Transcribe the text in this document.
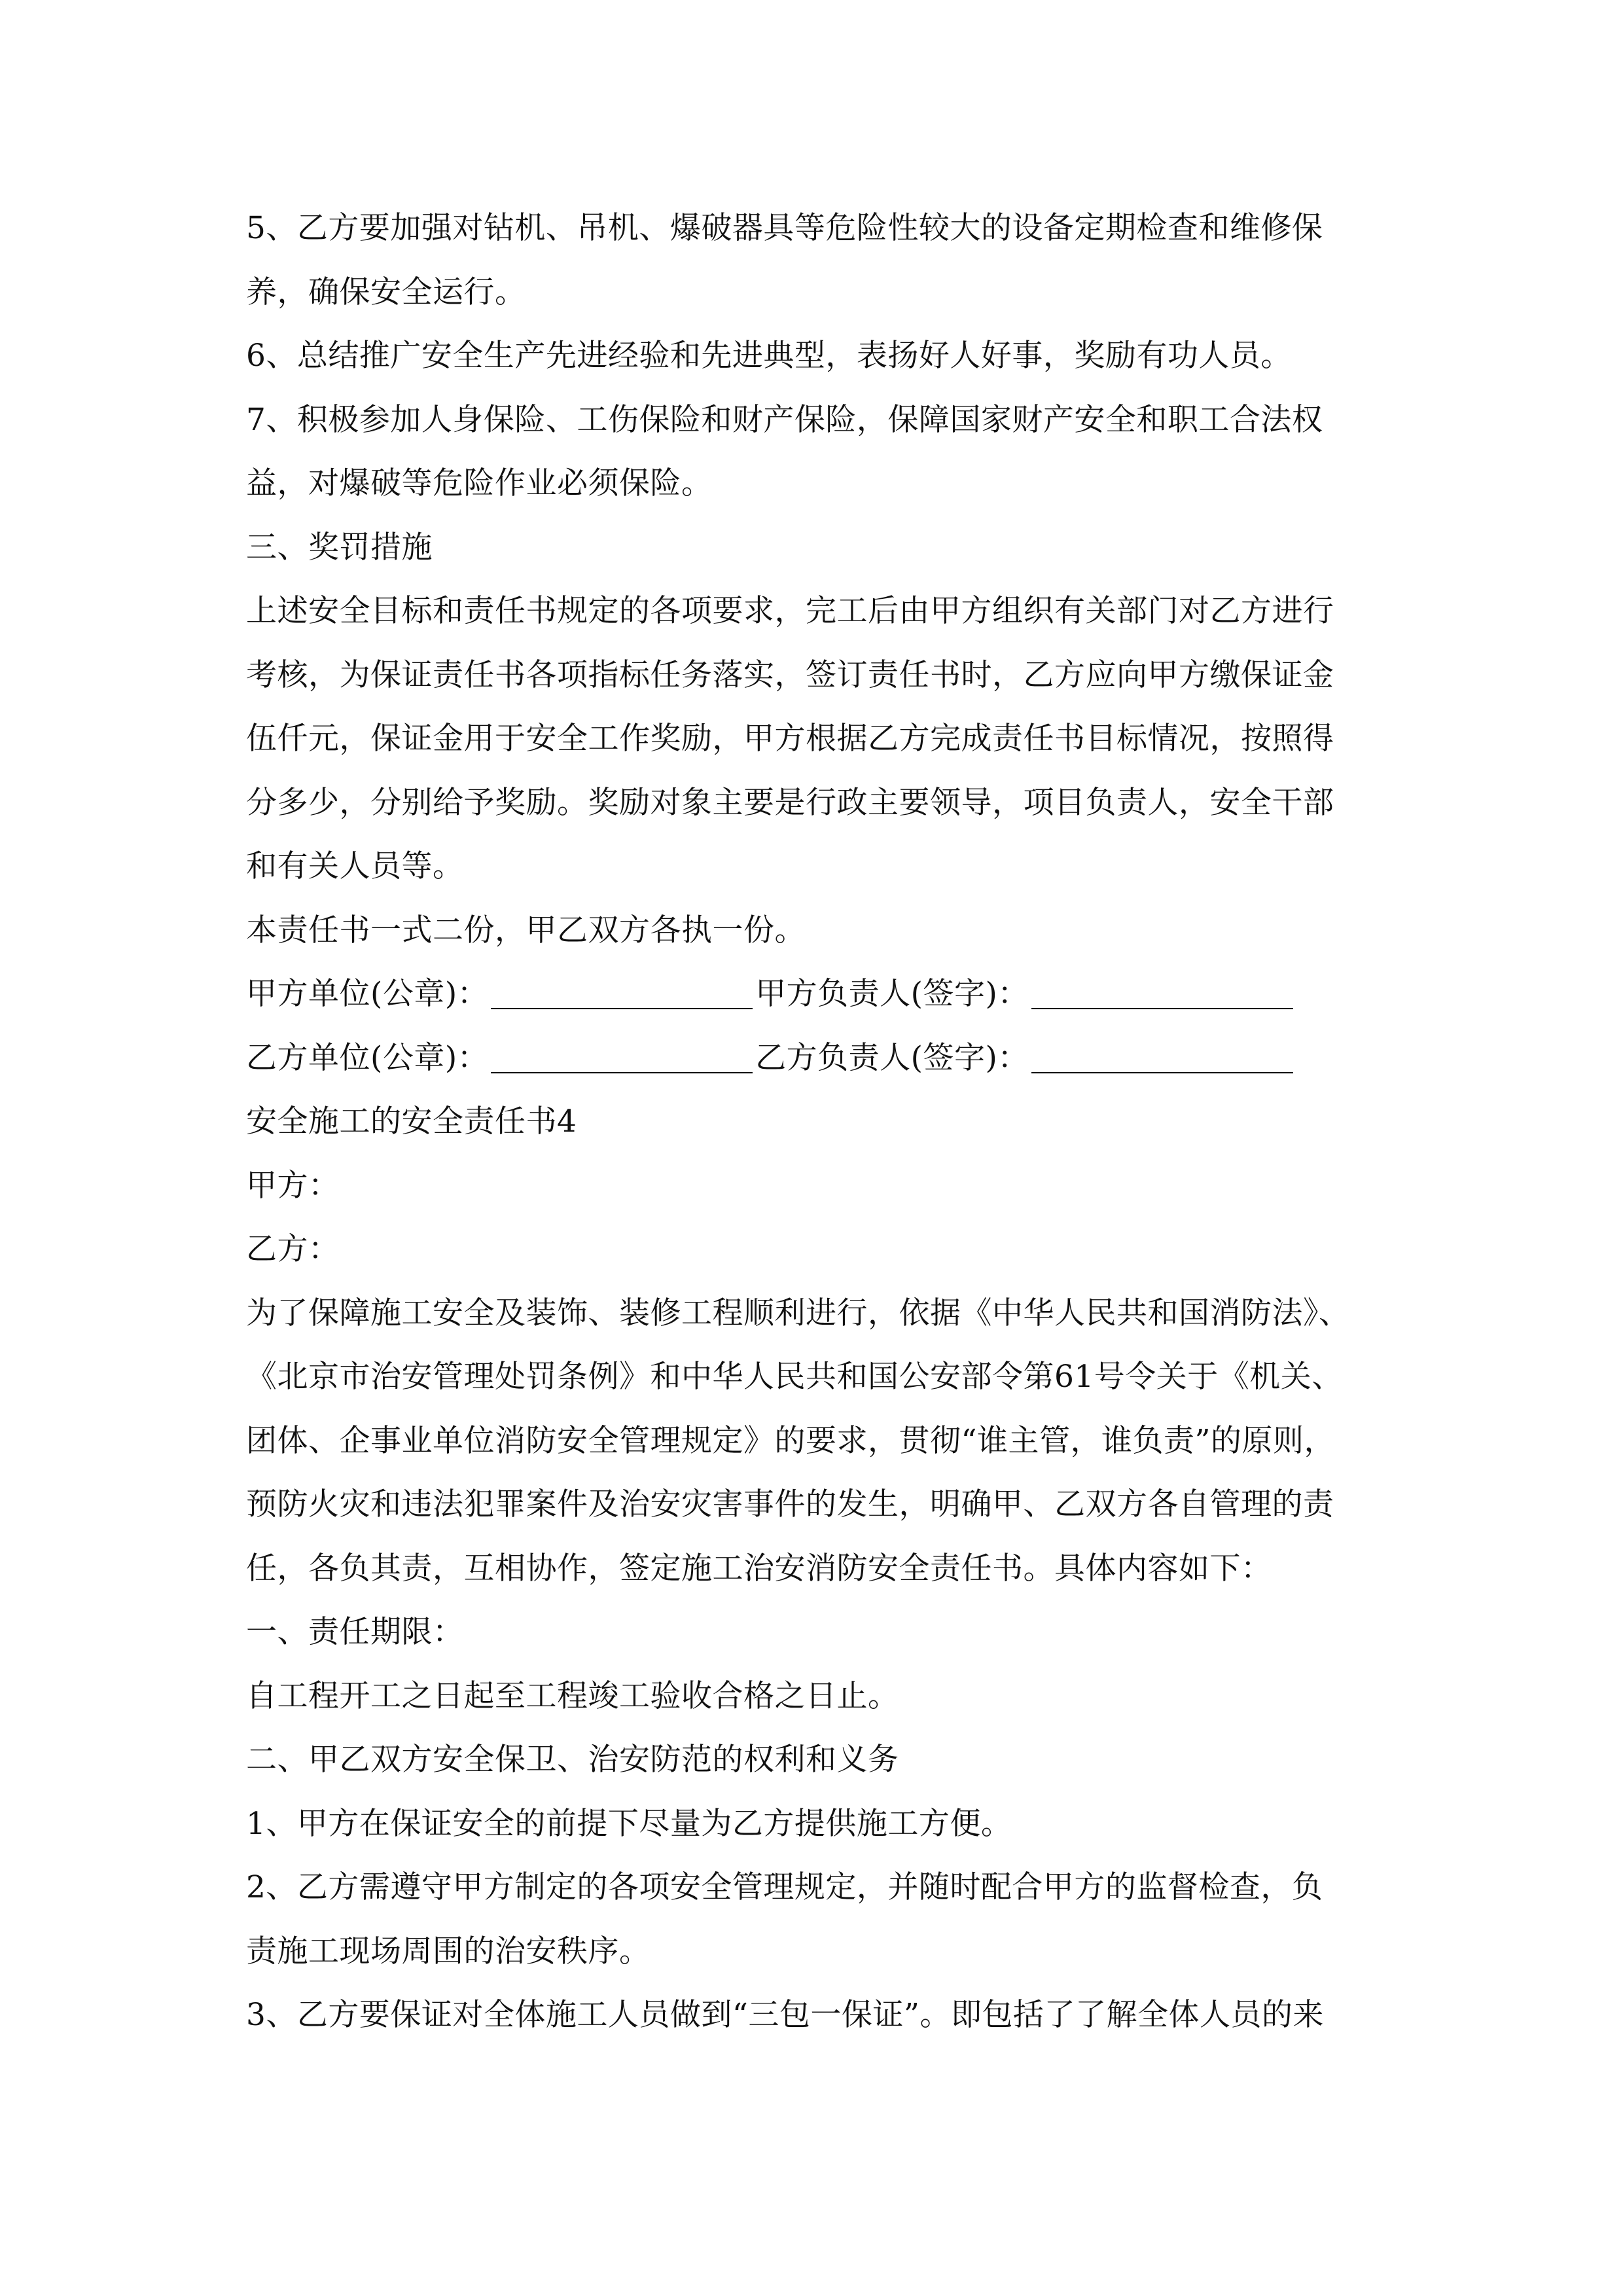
5、乙方要加强对钻机、吊机、爆破器具等危险性较大的设备定期检查和维修保
养，确保安全运行。
6、总结推广安全生产先进经验和先进典型，表扬好人好事，奖励有功人员。
7、积极参加人身保险、工伤保险和财产保险，保障国家财产安全和职工合法权
益，对爆破等危险作业必须保险。
三、奖罚措施
上述安全目标和责任书规定的各项要求，完工后由甲方组织有关部门对乙方进行
考核，为保证责任书各项指标任务落实，签订责任书时，乙方应向甲方缴保证金
伍仟元，保证金用于安全工作奖励，甲方根据乙方完成责任书目标情况，按照得
分多少，分别给予奖励。奖励对象主要是行政主要领导，项目负责人，安全干部
和有关人员等。
本责任书一式二份，甲乙双方各执一份。
甲方单位(公章)：	甲方负责人(签字)：
乙方单位(公章)：	乙方负责人(签字)：
安全施工的安全责任书4
甲方：
乙方：
为了保障施工安全及装饰、装修工程顺利进行，依据《中华人民共和国消防法》、
《北京市治安管理处罚条例》和中华人民共和国公安部令第61号令关于《机关、
团体、企事业单位消防安全管理规定》的要求，贯彻“谁主管，谁负责”的原则，
预防火灾和违法犯罪案件及治安灾害事件的发生，明确甲、乙双方各自管理的责
任，各负其责，互相协作，签定施工治安消防安全责任书。具体内容如下：
一、责任期限：
自工程开工之日起至工程竣工验收合格之日止。
二、甲乙双方安全保卫、治安防范的权利和义务
1、甲方在保证安全的前提下尽量为乙方提供施工方便。
2、乙方需遵守甲方制定的各项安全管理规定，并随时配合甲方的监督检查，负
责施工现场周围的治安秩序。
3、乙方要保证对全体施工人员做到“三包一保证”。即包括了了解全体人员的来
